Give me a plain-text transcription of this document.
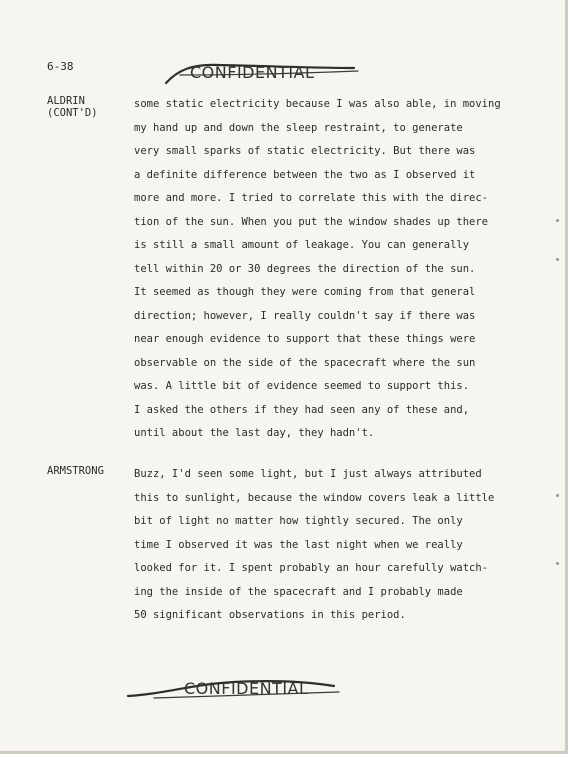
6-38	CONFIDENTIAL
ALDRIN
(CONT'D)
some static electricity because I was also able, in moving
my hand up and down the sleep restraint, to generate
very small sparks of static electricity. But there was
a definite difference between the two as I observed it
more and more. I tried to correlate this with the direc-
tion of the sun. When you put the window shades up there
is still a small amount of leakage. You can generally
tell within 20 or 30 degrees the direction of the sun.
It seemed as though they were coming from that general
direction; however, I really couldn't say if there was
near enough evidence to support that these things were
observable on the side of the spacecraft where the sun
was. A little bit of evidence seemed to support this.
I asked the others if they had seen any of these and,
until about the last day, they hadn't.
ARMSTRONG	Buzz, I'd seen some light, but I just always attributed
this to sunlight, because the window covers leak a little
bit of light no matter how tightly secured. The only
time I observed it was the last night when we really
looked for it. I spent probably an hour carefully watch-
ing the inside of the spacecraft and I probably made
50 significant observations in this period.
CONFIDENTIAL
